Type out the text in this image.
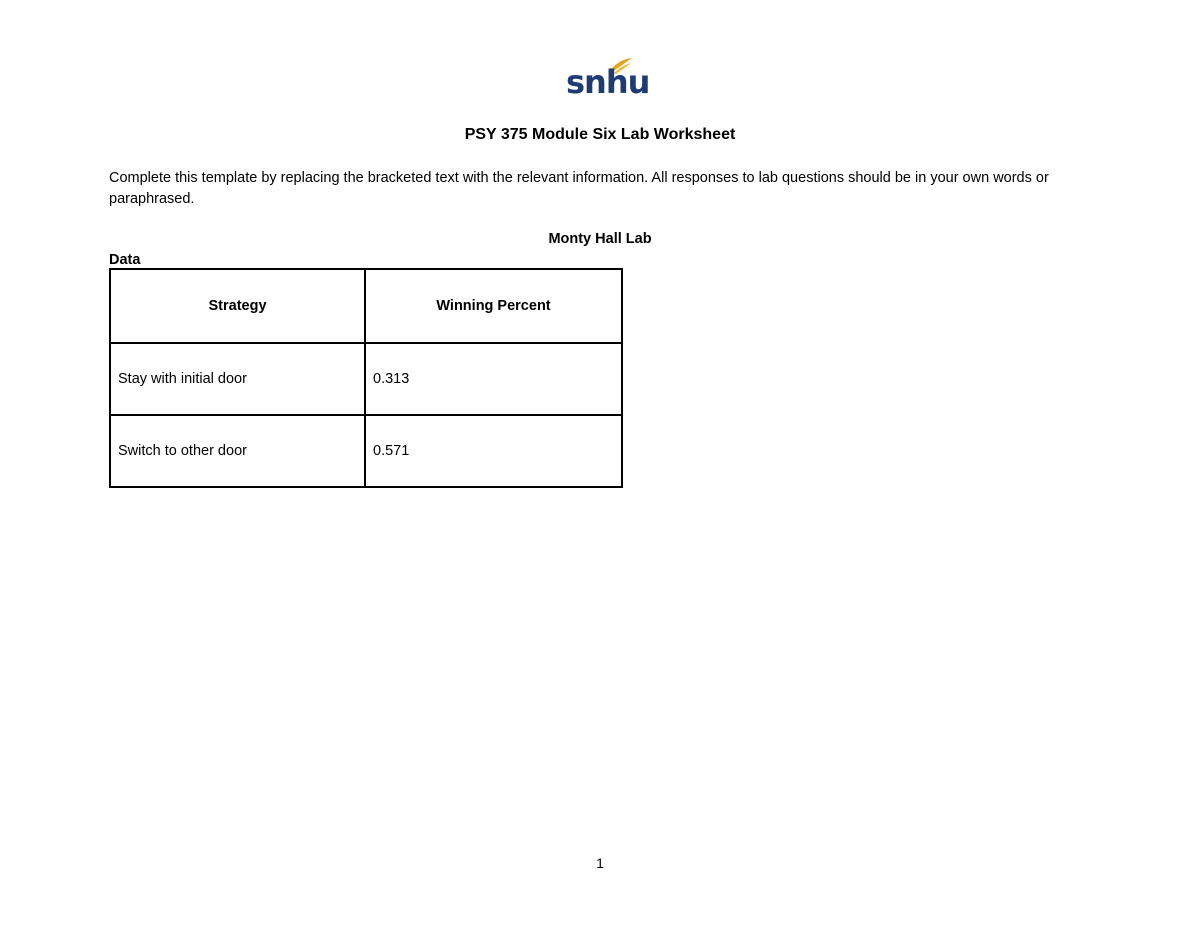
snhu
PSY 375 Module Six Lab Worksheet
Complete this template by replacing the bracketed text with the relevant information. All responses to lab questions should be in your own words or paraphrased.
Monty Hall Lab
Data
Strategy	Winning Percent
Stay with initial door	0.313
Switch to other door	0.571
1
